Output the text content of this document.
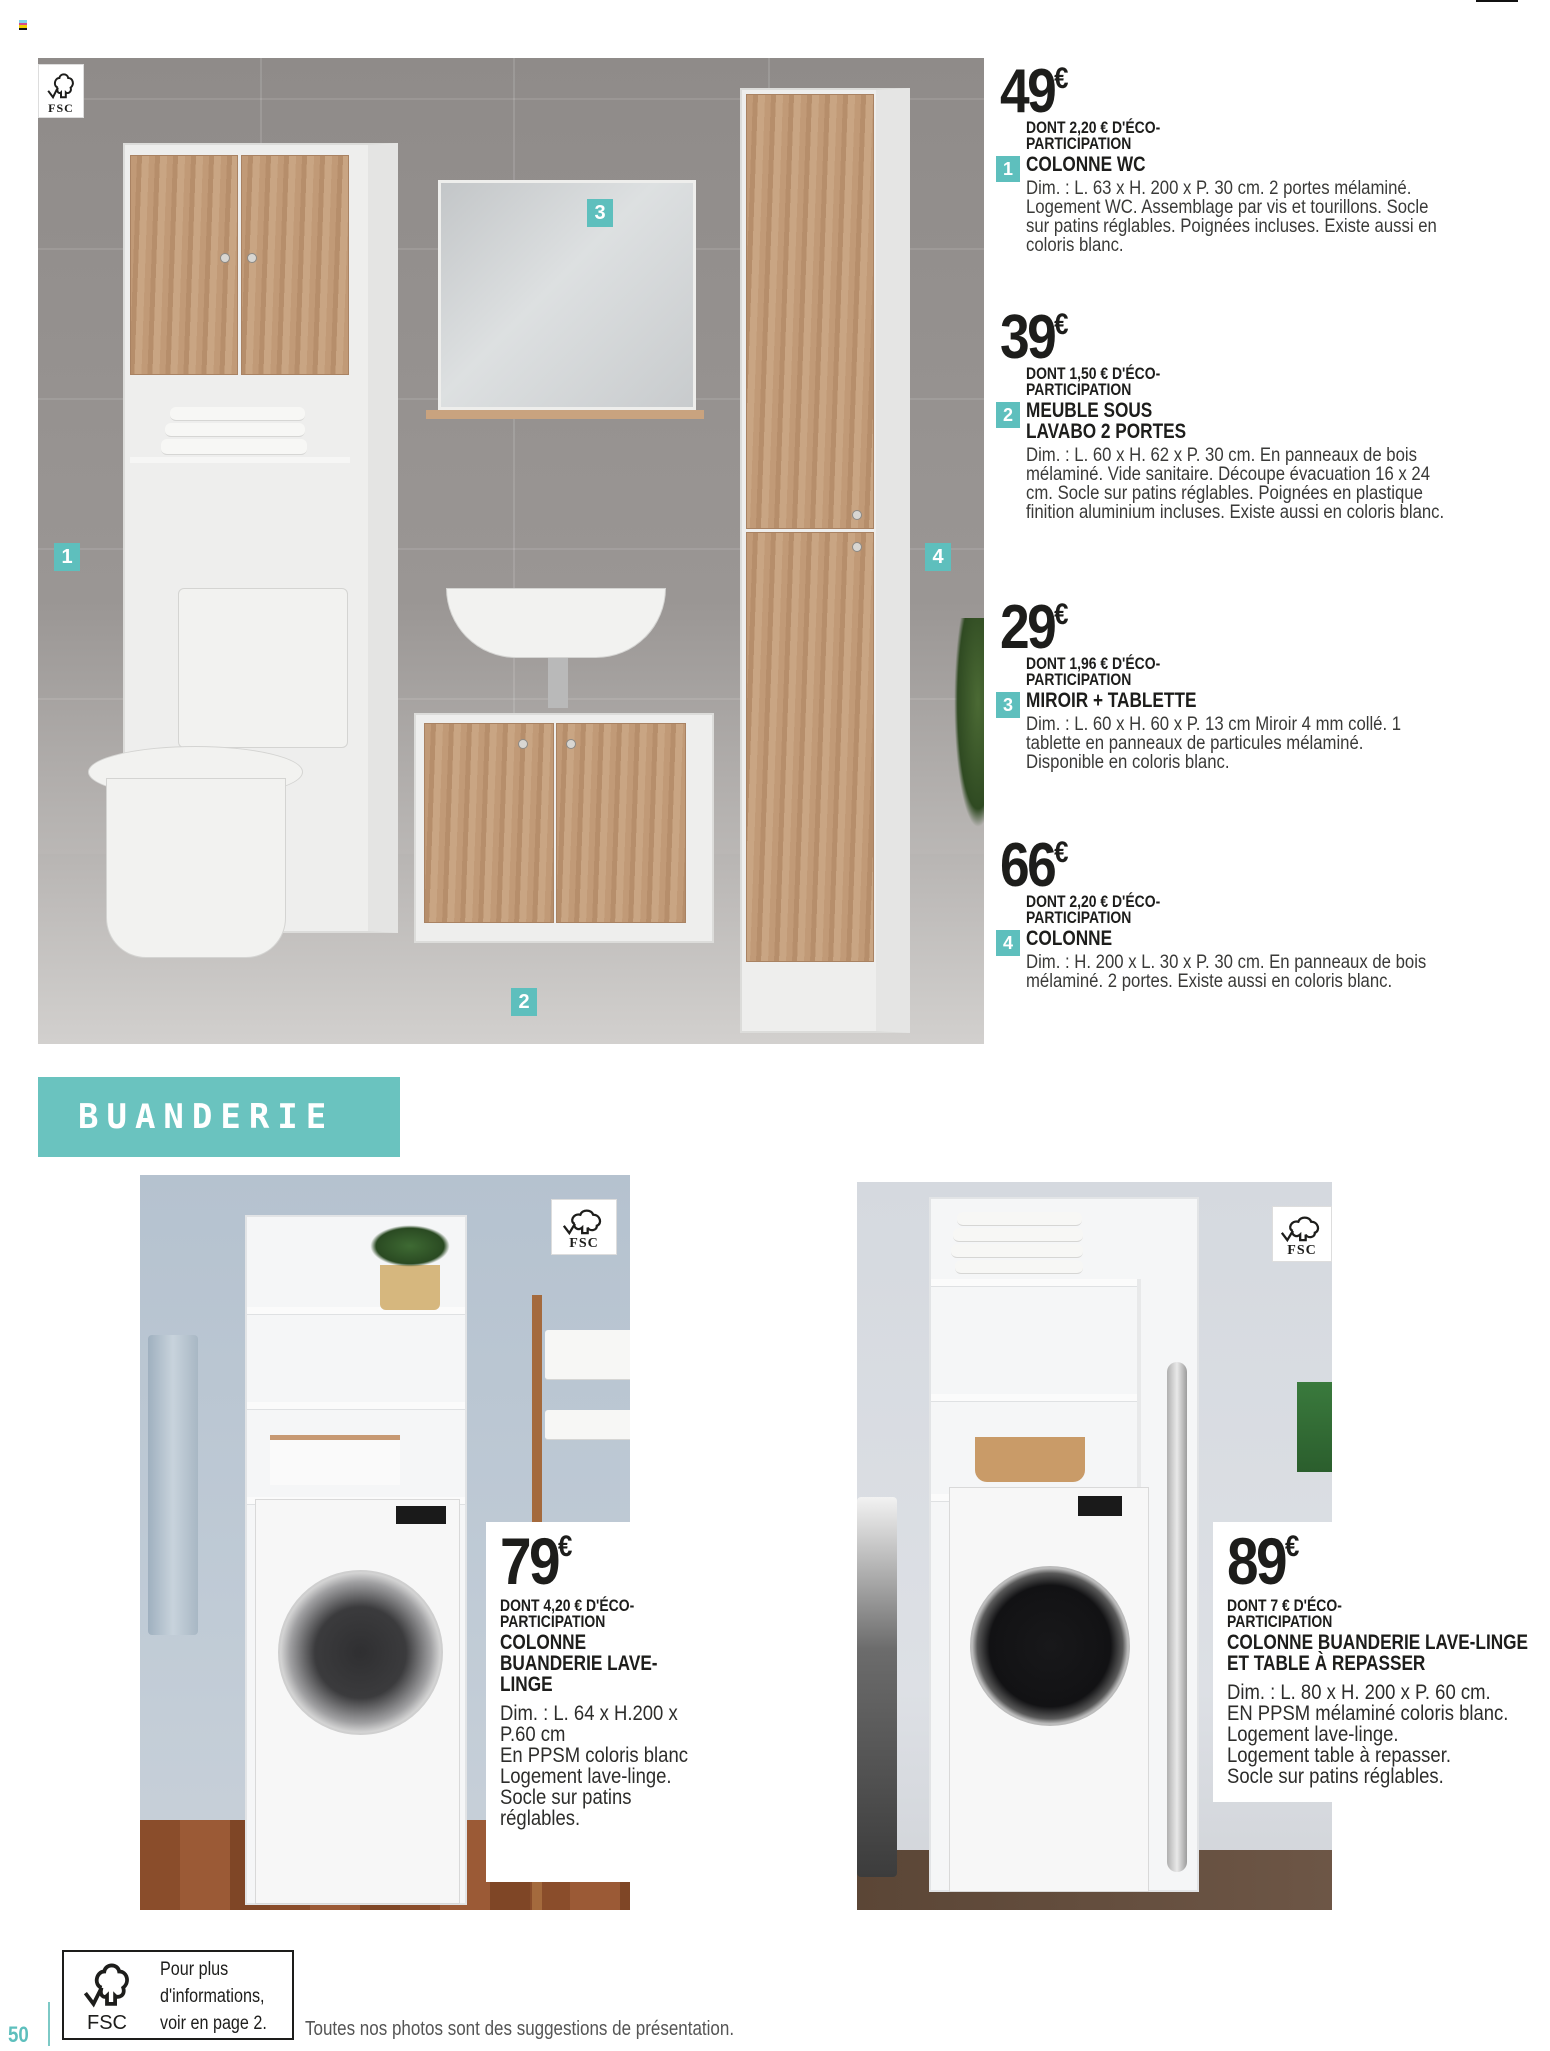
FSC
1
2
3
4
49€
DONT 2,20 € D'ÉCO-PARTICIPATION
1 COLONNE WC
Dim. : L. 63 x H. 200 x P. 30 cm. 2 portes mélaminé. Logement WC. Assemblage par vis et tourillons. Socle sur patins réglables. Poignées incluses. Existe aussi en coloris blanc.
39€
DONT 1,50 € D'ÉCO-PARTICIPATION
2 MEUBLE SOUS LAVABO 2 PORTES
Dim. : L. 60 x H. 62 x P. 30 cm. En panneaux de bois mélaminé. Vide sanitaire. Découpe évacuation 16 x 24 cm. Socle sur patins réglables. Poignées en plastique finition aluminium incluses. Existe aussi en coloris blanc.
29€
DONT 1,96 € D'ÉCO-PARTICIPATION
3 MIROIR + TABLETTE
Dim. : L. 60 x H. 60 x P. 13 cm Miroir 4 mm collé. 1 tablette en panneaux de particules mélaminé. Disponible en coloris blanc.
66€
DONT 2,20 € D'ÉCO-PARTICIPATION
4 COLONNE
Dim. : H. 200 x L. 30 x P. 30 cm. En panneaux de bois mélaminé. 2 portes. Existe aussi en coloris blanc.
BUANDERIE
FSC
79€
DONT 4,20 € D'ÉCO-PARTICIPATION
COLONNE BUANDERIE LAVE-LINGE
Dim. : L. 64 x H.200 x
P.60 cm
En PPSM coloris blanc
Logement lave-linge.
Socle sur patins
réglables.
FSC
89€
DONT 7 € D'ÉCO-PARTICIPATION
COLONNE BUANDERIE LAVE-LINGE ET TABLE À REPASSER
Dim. : L. 80 x H. 200 x P. 60 cm.
EN PPSM mélaminé coloris blanc.
Logement lave-linge.
Logement table à repasser.
Socle sur patins réglables.
50	FSC
Pour plus
d'informations,
voir en page 2. Toutes nos photos sont des suggestions de présentation.
